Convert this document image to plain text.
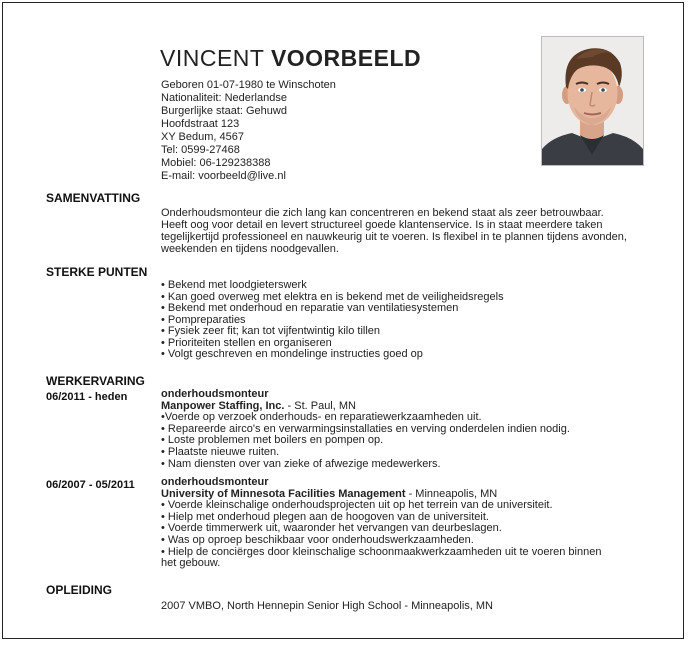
VINCENT VOORBEELD
Geboren 01-07-1980 te Winschoten
Nationaliteit: Nederlandse
Burgerlijke staat: Gehuwd
Hoofdstraat 123
XY Bedum, 4567
Tel: 0599-27468
Mobiel: 06-129238388
E-mail: voorbeeld@live.nl
SAMENVATTING
Onderhoudsmonteur die zich lang kan concentreren en bekend staat als zeer betrouwbaar. Heeft oog voor detail en levert structureel goede klantenservice. Is in staat meerdere taken tegelijkertijd professioneel en nauwkeurig uit te voeren. Is flexibel in te plannen tijdens avonden, weekenden en tijdens noodgevallen.
STERKE PUNTEN
• Bekend met loodgieterswerk
• Kan goed overweg met elektra en is bekend met de veiligheidsregels
• Bekend met onderhoud en reparatie van ventilatiesystemen
• Pompreparaties
• Fysiek zeer fit; kan tot vijfentwintig kilo tillen
• Prioriteiten stellen en organiseren
• Volgt geschreven en mondelinge instructies goed op
WERKERVARING
06/2011 - heden	onderhoudsmonteur
Manpower Staffing, Inc. - St. Paul, MN
•Voerde op verzoek onderhouds- en reparatiewerkzaamheden uit.
• Repareerde airco's en verwarmingsinstallaties en verving onderdelen indien nodig.
• Loste problemen met boilers en pompen op.
• Plaatste nieuwe ruiten.
• Nam diensten over van zieke of afwezige medewerkers.
06/2007 - 05/2011 onderhoudsmonteur
University of Minnesota Facilities Management - Minneapolis, MN
• Voerde kleinschalige onderhoudsprojecten uit op het terrein van de universiteit.
• Hielp met onderhoud plegen aan de hoogoven van de universiteit.
• Voerde timmerwerk uit, waaronder het vervangen van deurbeslagen.
• Was op oproep beschikbaar voor onderhoudswerkzaamheden.
• Hielp de conciërges door kleinschalige schoonmaakwerkzaamheden uit te voeren binnen het gebouw.
OPLEIDING
2007 VMBO, North Hennepin Senior High School - Minneapolis, MN
